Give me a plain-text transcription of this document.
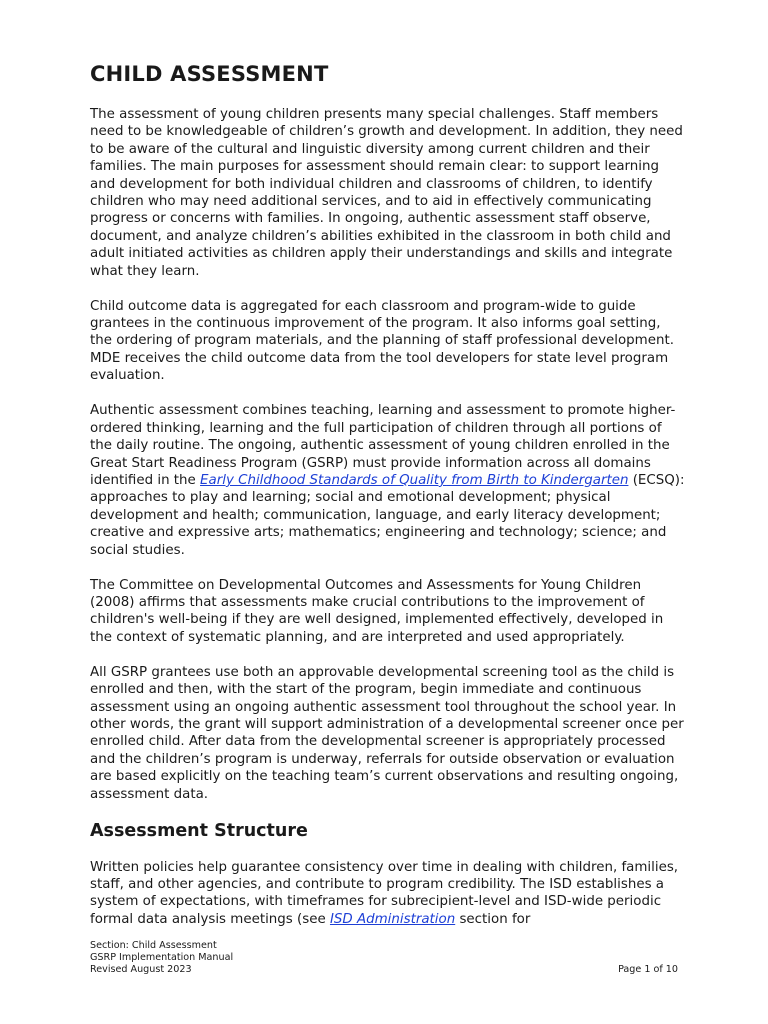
CHILD ASSESSMENT

The assessment of young children presents many special challenges. Staff members need to be knowledgeable of children’s growth and development. In addition, they need to be aware of the cultural and linguistic diversity among current children and their families. The main purposes for assessment should remain clear: to support learning and development for both individual children and classrooms of children, to identify children who may need additional services, and to aid in effectively communicating progress or concerns with families. In ongoing, authentic assessment staff observe, document, and analyze children’s abilities exhibited in the classroom in both child and adult initiated activities as children apply their understandings and skills and integrate what they learn.

Child outcome data is aggregated for each classroom and program-wide to guide grantees in the continuous improvement of the program. It also informs goal setting, the ordering of program materials, and the planning of staff professional development. MDE receives the child outcome data from the tool developers for state level program evaluation.

Authentic assessment combines teaching, learning and assessment to promote higher-ordered thinking, learning and the full participation of children through all portions of the daily routine. The ongoing, authentic assessment of young children enrolled in the Great Start Readiness Program (GSRP) must provide information across all domains identified in the Early Childhood Standards of Quality from Birth to Kindergarten (ECSQ): approaches to play and learning; social and emotional development; physical development and health; communication, language, and early literacy development; creative and expressive arts; mathematics; engineering and technology; science; and social studies.

The Committee on Developmental Outcomes and Assessments for Young Children (2008) affirms that assessments make crucial contributions to the improvement of children's well-being if they are well designed, implemented effectively, developed in the context of systematic planning, and are interpreted and used appropriately.

All GSRP grantees use both an approvable developmental screening tool as the child is enrolled and then, with the start of the program, begin immediate and continuous assessment using an ongoing authentic assessment tool throughout the school year. In other words, the grant will support administration of a developmental screener once per enrolled child. After data from the developmental screener is appropriately processed and the children’s program is underway, referrals for outside observation or evaluation are based explicitly on the teaching team’s current observations and resulting ongoing, assessment data.

Assessment Structure

Written policies help guarantee consistency over time in dealing with children, families, staff, and other agencies, and contribute to program credibility. The ISD establishes a system of expectations, with timeframes for subrecipient-level and ISD-wide periodic formal data analysis meetings (see ISD Administration section for

Section: Child Assessment
GSRP Implementation Manual
Revised August 2023	Page 1 of 10
